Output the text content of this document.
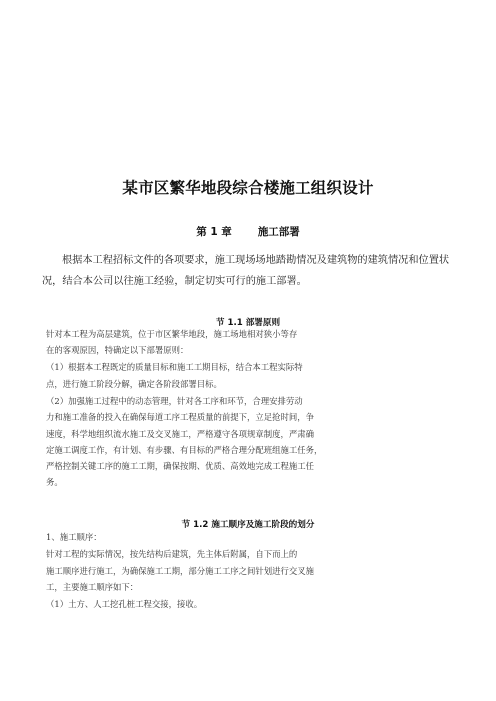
某市区繁华地段综合楼施工组织设计
第 1 章 施工部署

根据本工程招标文件的各项要求，施工现场场地踏勘情况及建筑物的建筑情况和位置状况，结合本公司以往施工经验，制定切实可行的施工部署。

节 1.1 部署原则
针对本工程为高层建筑，位于市区繁华地段，施工场地相对狭小等存
在的客观原因，特确定以下部署原则：
（1）根据本工程既定的质量目标和施工工期目标，结合本工程实际特
点，进行施工阶段分解，确定各阶段部署目标。
（2）加强施工过程中的动态管理，针对各工序和环节，合理安排劳动
力和施工准备的投入在确保每道工序工程质量的前提下，立足抢时间，争
速度，科学地组织流水施工及交叉施工，严格遵守各项规章制度，严肃确
定施工调度工作，有计划、有步骤、有目标的严格合理分配班组施工任务，
严格控制关键工序的施工工期，确保按期、优质、高效地完成工程施工任
务。
节 1.2 施工顺序及施工阶段的划分
1、施工顺序：
针对工程的实际情况，按先结构后建筑，先主体后附属，自下而上的
施工顺序进行施工，为确保施工工期，部分施工工序之间针划进行交叉施
工，主要施工顺序如下：
（1）土方、人工挖孔桩工程交接，接收。
